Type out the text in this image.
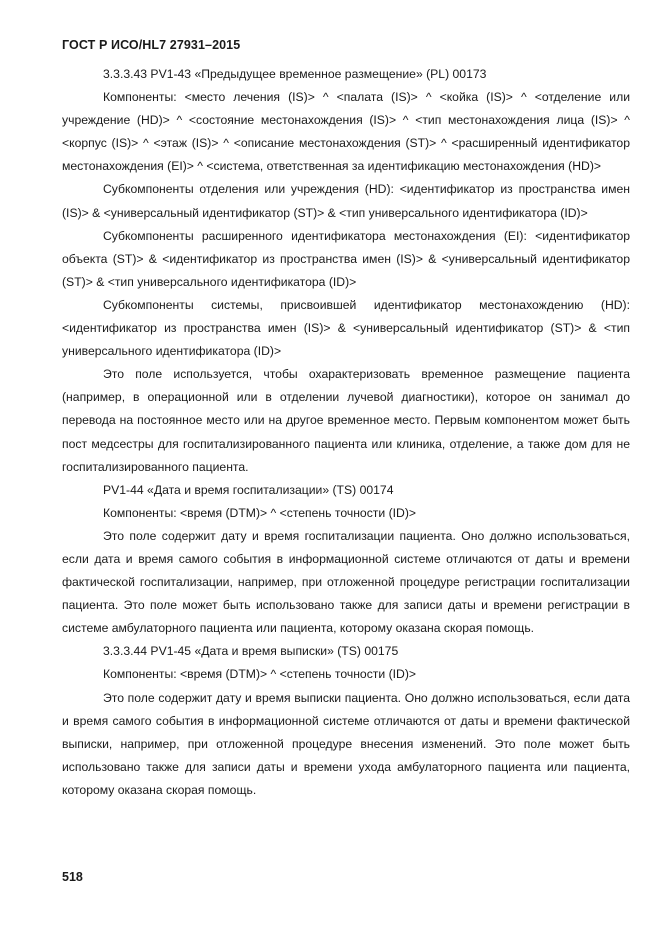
ГОСТ Р ИСО/HL7 27931–2015

3.3.3.43 PV1-43 «Предыдущее временное размещение» (PL) 00173

Компоненты: <место лечения (IS)> ^ <палата (IS)> ^ <койка (IS)> ^ <отделение или учреждение (HD)> ^ <состояние местонахождения (IS)> ^ <тип местонахождения лица (IS)> ^ <корпус (IS)> ^ <этаж (IS)> ^ <описание местонахождения (ST)> ^ <расширенный идентификатор местонахождения (EI)> ^ <система, ответственная за идентификацию местонахождения (HD)>

Субкомпоненты отделения или учреждения (HD): <идентификатор из пространства имен (IS)> & <универсальный идентификатор (ST)> & <тип универсального идентификатора (ID)>

Субкомпоненты расширенного идентификатора местонахождения (EI): <идентификатор объекта (ST)> & <идентификатор из пространства имен (IS)> & <универсальный идентификатор (ST)> & <тип универсального идентификатора (ID)>

Субкомпоненты системы, присвоившей идентификатор местонахождению (HD): <идентификатор из пространства имен (IS)> & <универсальный идентификатор (ST)> & <тип универсального идентификатора (ID)>

Это поле используется, чтобы охарактеризовать временное размещение пациента (например, в операционной или в отделении лучевой диагностики), которое он занимал до перевода на постоянное место или на другое временное место. Первым компонентом может быть пост медсестры для госпитализированного пациента или клиника, отделение, а также дом для не госпитализированного пациента.

PV1-44 «Дата и время госпитализации» (TS) 00174

Компоненты: <время (DTM)> ^ <степень точности (ID)>

Это поле содержит дату и время госпитализации пациента. Оно должно использоваться, если дата и время самого события в информационной системе отличаются от даты и времени фактической госпитализации, например, при отложенной процедуре регистрации госпитализации пациента. Это поле может быть использовано также для записи даты и времени регистрации в системе амбулаторного пациента или пациента, которому оказана скорая помощь.

3.3.3.44 PV1-45 «Дата и время выписки» (TS) 00175

Компоненты: <время (DTM)> ^ <степень точности (ID)>

Это поле содержит дату и время выписки пациента. Оно должно использоваться, если дата и время самого события в информационной системе отличаются от даты и времени фактической выписки, например, при отложенной процедуре внесения изменений. Это поле может быть использовано также для записи даты и времени ухода амбулаторного пациента или пациента, которому оказана скорая помощь.

518
